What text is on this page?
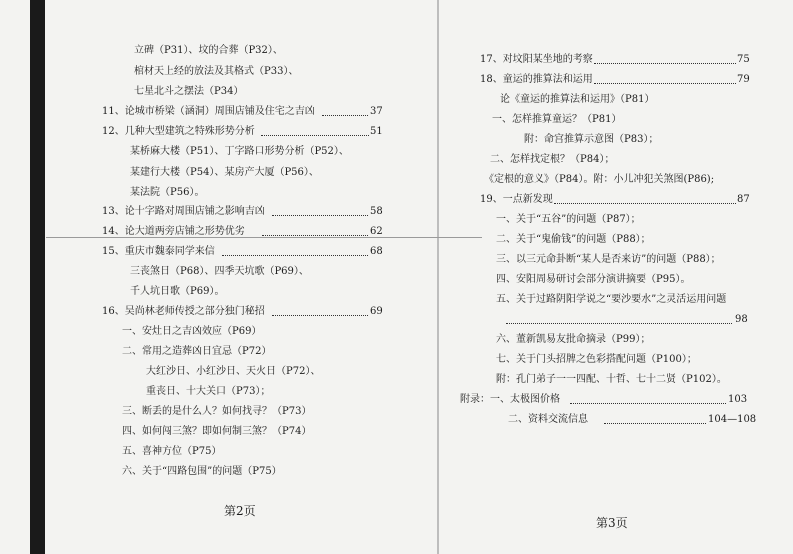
立碑（P31）、坟的合葬（P32）、
棺材天上经的放法及其格式（P33）、
七星北斗之摆法（P34）
11、论城市桥梁（涵洞）周围店铺及住宅之吉凶	37
12、几种大型建筑之特殊形势分析	51
某桥麻大楼（P51）、丁字路口形势分析（P52）、
某建行大楼（P54）、某房产大厦（P56）、
某法院（P56）。
13、论十字路对周围店铺之影响吉凶	58
14、论大道两旁店铺之形势优劣	62
15、重庆市魏泰同学来信	68
三丧煞日（P68）、四季天坑歌（P69）、
千人坑日歌（P69）。
16、吴尚林老师传授之部分独门秘招	69
一、安灶日之吉凶效应（P69）
二、常用之造葬凶日宜忌（P72）
大红沙日、小红沙日、天火日（P72）、
重丧日、十大关口（P73）；
三、断丢的是什么人？如何找寻？（P73）
四、如何闯三煞？即如何制三煞？（P74）
五、喜神方位（P75）
六、关于“四路包围”的问题（P75）
第2页
17、对坟阳某坐地的考察	75
18、童运的推算法和运用	79
论《童运的推算法和运用》（P81）
一、怎样推算童运？（P81）
附：命宫推算示意图（P83）；
二、怎样找定根？（P84）；
《定根的意义》（P84）。附：小儿冲犯关煞图(P86);
19、一点新发现	87
一、关于“五谷”的问题（P87）；
二、关于“鬼偷钱”的问题（P88）；
三、以三元命卦断“某人是否来访”的问题（P88）；
四、安阳周易研讨会部分演讲摘要（P95）。
五、关于过路阴阳学说之“要沙要水”之灵活运用问题
98
六、董新凯易友批命摘录（P99）；
七、关于门头招牌之色彩搭配问题（P100）；
附：孔门弟子一一四配、十哲、七十二贤（P102）。
附录：一、太极图价格	103
二、资料交流信息	104—108
第3页
